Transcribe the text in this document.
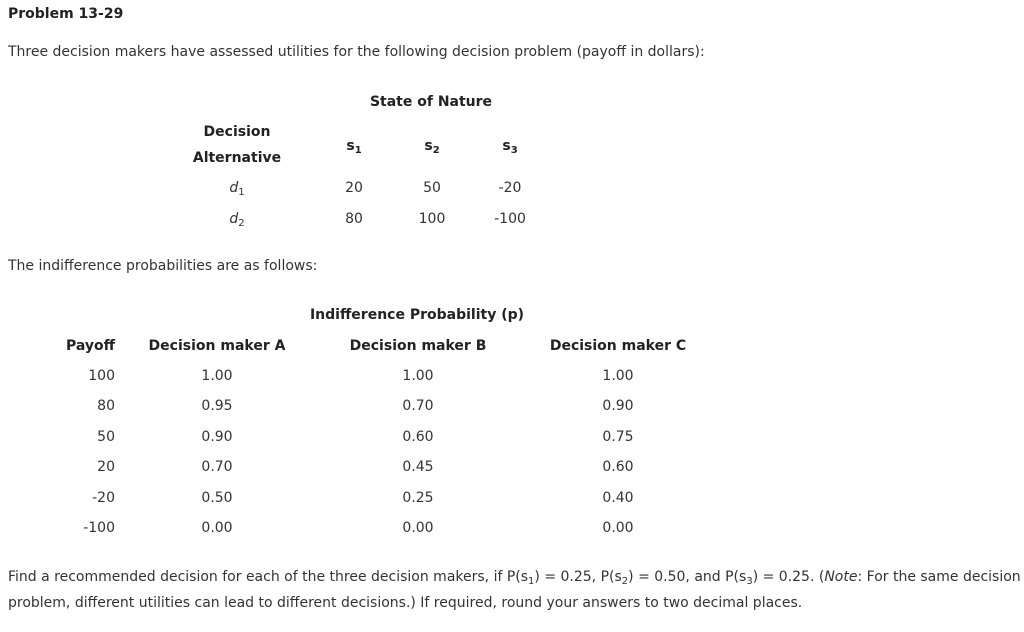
Problem 13-29
Three decision makers have assessed utilities for the following decision problem (payoff in dollars):
State of Nature
Decision
Alternative
$s_1$	$s_2$	$s_3$
$d_1$	20	50	-20
$d_2$	80	100	-100
The indifference probabilities are as follows:
Indifference Probability (p)
Payoff	Decision maker A	Decision maker B	Decision maker C
100	1.00	1.00	1.00
80	0.95	0.70	0.90
50	0.90	0.60	0.75
20	0.70	0.45	0.60
-20	0.50	0.25	0.40
-100	0.00	0.00	0.00
Find a recommended decision for each of the three decision makers, if $P(s_1) = 0.25$, $P(s_2) = 0.50$, and $P(s_3) = 0.25$. (Note: For the same decision problem, different utilities can lead to different decisions.) If required, round your answers to two decimal places.
